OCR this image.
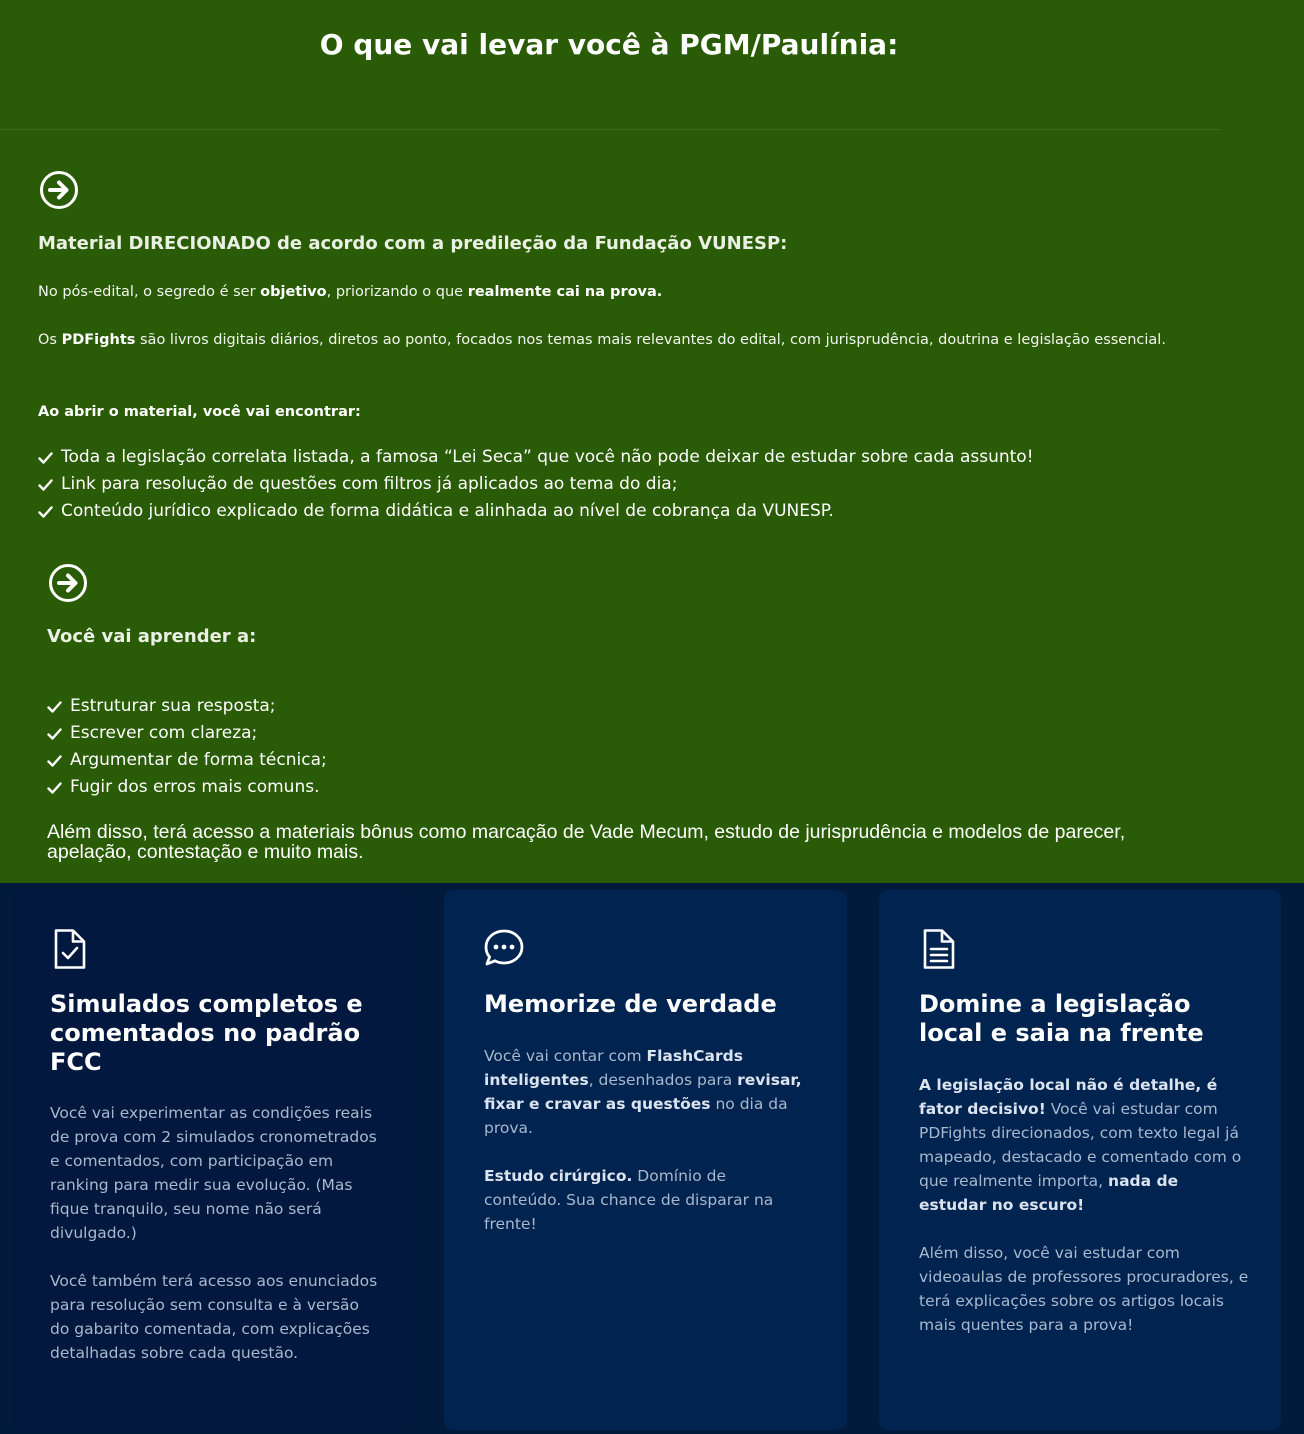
O que vai levar você à PGM/Paulínia:
Material DIRECIONADO de acordo com a predileção da Fundação VUNESP:

No pós-edital, o segredo é ser objetivo, priorizando o que realmente cai na prova.

Os PDFights são livros digitais diários, diretos ao ponto, focados nos temas mais relevantes do edital, com jurisprudência, doutrina e legislação essencial.

Ao abrir o material, você vai encontrar:

Toda a legislação correlata listada, a famosa “Lei Seca” que você não pode deixar de estudar sobre cada assunto!
Link para resolução de questões com filtros já aplicados ao tema do dia;
Conteúdo jurídico explicado de forma didática e alinhada ao nível de cobrança da VUNESP.
Você vai aprender a:
Estruturar sua resposta;
Escrever com clareza;
Argumentar de forma técnica;
Fugir dos erros mais comuns.

Além disso, terá acesso a materiais bônus como marcação de Vade Mecum, estudo de jurisprudência e modelos de parecer, apelação, contestação e muito mais.

Simulados completos e comentados no padrão FCC

Você vai experimentar as condições reais de prova com 2 simulados cronometrados e comentados, com participação em ranking para medir sua evolução. (Mas fique tranquilo, seu nome não será divulgado.)

Você também terá acesso aos enunciados para resolução sem consulta e à versão do gabarito comentada, com explicações detalhadas sobre cada questão.

Memorize de verdade

Você vai contar com FlashCards inteligentes, desenhados para revisar, fixar e cravar as questões no dia da prova.

Estudo cirúrgico. Domínio de conteúdo. Sua chance de disparar na frente!

Domine a legislação local e saia na frente

A legislação local não é detalhe, é fator decisivo! Você vai estudar com PDFights direcionados, com texto legal já mapeado, destacado e comentado com o que realmente importa, nada de estudar no escuro!

Além disso, você vai estudar com videoaulas de professores procuradores, e terá explicações sobre os artigos locais mais quentes para a prova!
